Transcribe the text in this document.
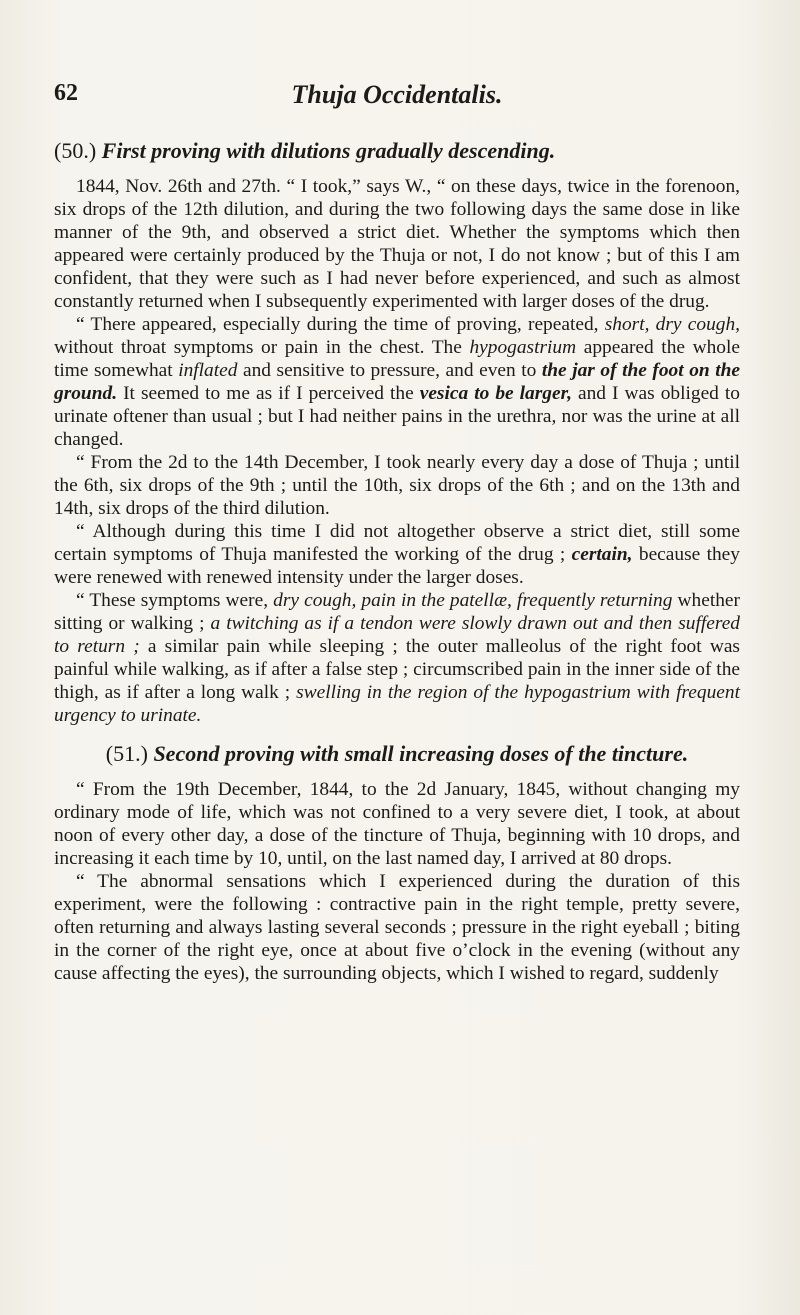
62	Thuja Occidentalis.
(50.) First proving with dilutions gradually descending.

1844, Nov. 26th and 27th. “ I took,” says W., “ on these days, twice in the forenoon, six drops of the 12th dilution, and during the two following days the same dose in like manner of the 9th, and observed a strict diet. Whether the symptoms which then appeared were certainly produced by the Thuja or not, I do not know ; but of this I am confident, that they were such as I had never before experienced, and such as almost constantly returned when I subsequently experimented with larger doses of the drug.

“ There appeared, especially during the time of proving, repeated, short, dry cough, without throat symptoms or pain in the chest. The hypogastrium appeared the whole time somewhat inflated and sensitive to pressure, and even to the jar of the foot on the ground. It seemed to me as if I perceived the vesica to be larger, and I was obliged to urinate oftener than usual ; but I had neither pains in the urethra, nor was the urine at all changed.

“ From the 2d to the 14th December, I took nearly every day a dose of Thuja ; until the 6th, six drops of the 9th ; until the 10th, six drops of the 6th ; and on the 13th and 14th, six drops of the third dilution.

“ Although during this time I did not altogether observe a strict diet, still some certain symptoms of Thuja manifested the working of the drug ; certain, because they were renewed with renewed intensity under the larger doses.

“ These symptoms were, dry cough, pain in the patellæ, frequently returning whether sitting or walking ; a twitching as if a tendon were slowly drawn out and then suffered to return ; a similar pain while sleeping ; the outer malleolus of the right foot was painful while walking, as if after a false step ; circumscribed pain in the inner side of the thigh, as if after a long walk ; swelling in the region of the hypogastrium with frequent urgency to urinate.

(51.) Second proving with small increasing doses of the tincture.

“ From the 19th December, 1844, to the 2d January, 1845, without changing my ordinary mode of life, which was not confined to a very severe diet, I took, at about noon of every other day, a dose of the tincture of Thuja, beginning with 10 drops, and increasing it each time by 10, until, on the last named day, I arrived at 80 drops.

“ The abnormal sensations which I experienced during the duration of this experiment, were the following : contractive pain in the right temple, pretty severe, often returning and always lasting several seconds ; pressure in the right eyeball ; biting in the corner of the right eye, once at about five o’clock in the evening (without any cause affecting the eyes), the surrounding objects, which I wished to regard, suddenly
